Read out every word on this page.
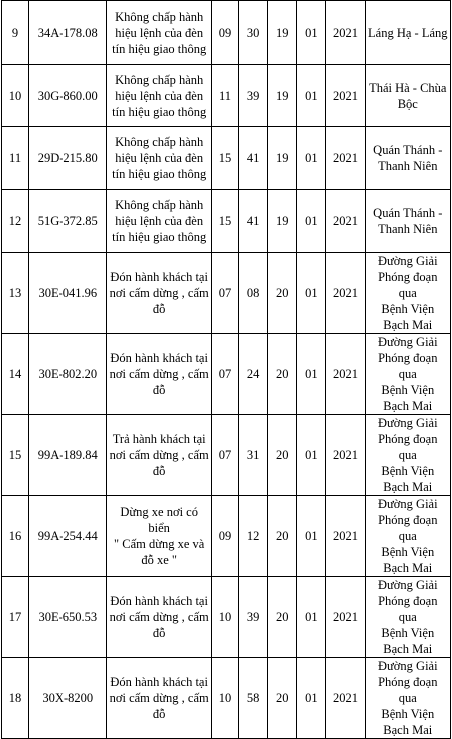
9	34A-178.08	Không chấp hành
hiệu lệnh của đèn
tín hiệu giao thông	09	30	19	01	2021	Láng Hạ - Láng

10	30G-860.00	Không chấp hành
hiệu lệnh của đèn
tín hiệu giao thông	11	39	19	01	2021	Thái Hà - Chùa
Bộc

11	29D-215.80	Không chấp hành
hiệu lệnh của đèn
tín hiệu giao thông	15	41	19	01	2021	Quán Thánh -
Thanh Niên

12	51G-372.85	Không chấp hành
hiệu lệnh của đèn
tín hiệu giao thông	15	41	19	01	2021	Quán Thánh -
Thanh Niên

13	30E-041.96	Đón hành khách tại
nơi cấm dừng , cấm
đỗ	07	08	20	01	2021	Đường Giải
Phóng đoạn qua
Bệnh Viện
Bạch Mai

14	30E-802.20	Đón hành khách tại
nơi cấm dừng , cấm
đỗ	07	24	20	01	2021	Đường Giải
Phóng đoạn qua
Bệnh Viện
Bạch Mai

15	99A-189.84	Trả hành khách tại
nơi cấm dừng , cấm
đỗ	07	31	20	01	2021	Đường Giải
Phóng đoạn qua
Bệnh Viện
Bạch Mai

16	99A-254.44	Dừng xe nơi có biển
" Cấm dừng xe và
đỗ xe "	09	12	20	01	2021	Đường Giải
Phóng đoạn qua
Bệnh Viện
Bạch Mai

17	30E-650.53	Đón hành khách tại
nơi cấm dừng , cấm
đỗ	10	39	20	01	2021	Đường Giải
Phóng đoạn qua
Bệnh Viện
Bạch Mai

18	30X-8200	Đón hành khách tại
nơi cấm dừng , cấm
đỗ	10	58	20	01	2021	Đường Giải
Phóng đoạn qua
Bệnh Viện
Bạch Mai
